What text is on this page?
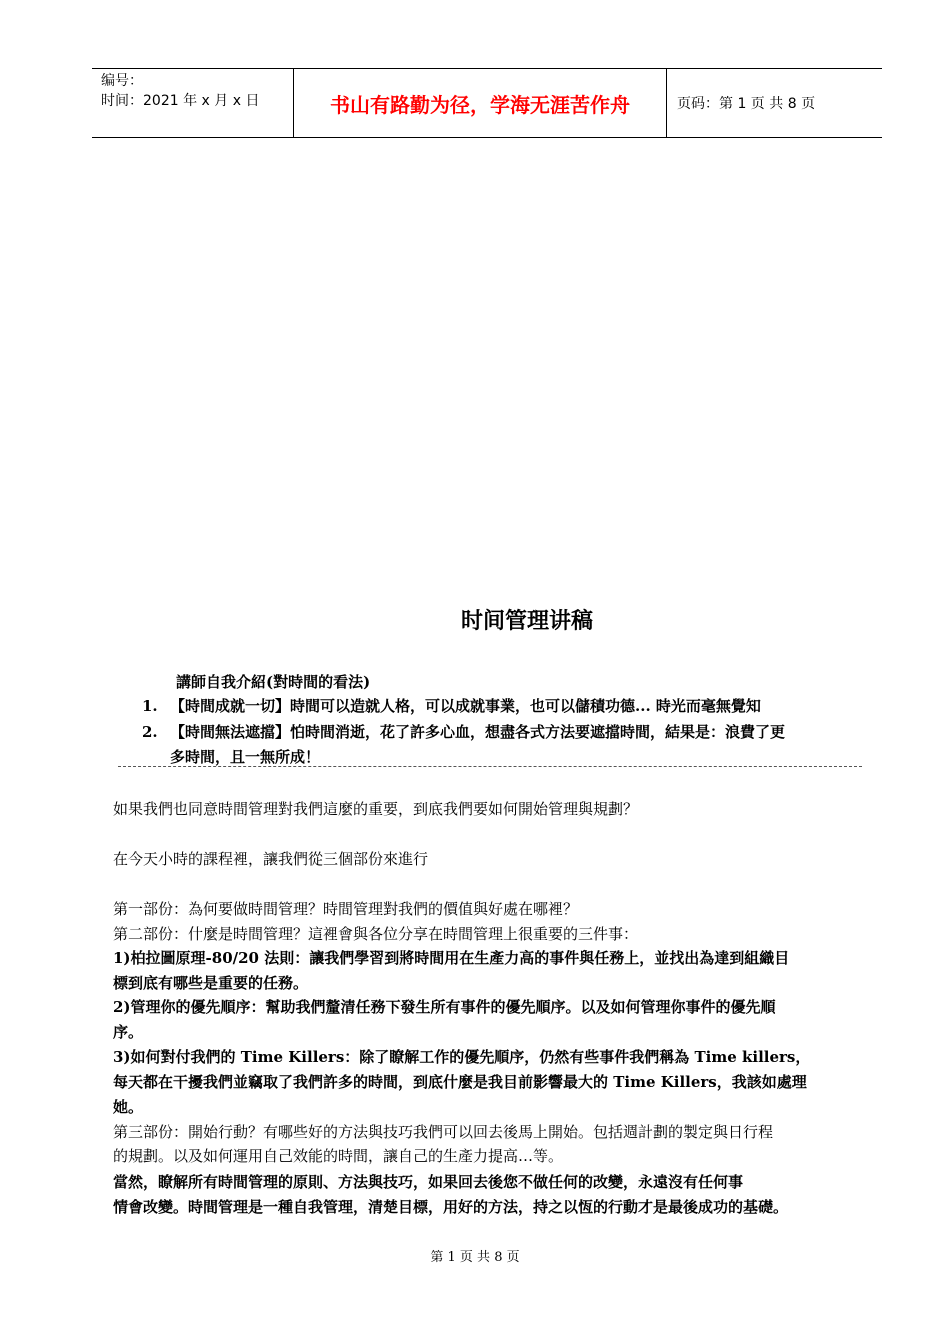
编号：
时间：2021 年 x 月 x 日	书山有路勤为径，学海无涯苦作舟	页码：第 1 页 共 8 页
时间管理讲稿
講師自我介紹(對時間的看法)
1. 【時間成就一切】時間可以造就人格，可以成就事業，也可以儲積功德... 時光而毫無覺知
2. 【時間無法遮擋】怕時間消逝，花了許多心血，想盡各式方法要遮擋時間，結果是：浪費了更
多時間，且一無所成！
如果我們也同意時間管理對我們這麼的重要，到底我們要如何開始管理與規劃？
在今天小時的課程裡，讓我們從三個部份來進行
第一部份：為何要做時間管理？時間管理對我們的價值與好處在哪裡？
第二部份：什麼是時間管理？這裡會與各位分享在時間管理上很重要的三件事：
1)柏拉圖原理-80/20 法則：讓我們學習到將時間用在生產力高的事件與任務上，並找出為達到組織目
標到底有哪些是重要的任務。
2)管理你的優先順序：幫助我們釐清任務下發生所有事件的優先順序。以及如何管理你事件的優先順
序。
3)如何對付我們的 Time Killers：除了瞭解工作的優先順序，仍然有些事件我們稱為 Time killers，
每天都在干擾我們並竊取了我們許多的時間，到底什麼是我目前影響最大的 Time Killers，我該如處理
她。
第三部份：開始行動？有哪些好的方法與技巧我們可以回去後馬上開始。包括週計劃的製定與日行程
的規劃。以及如何運用自己效能的時間，讓自己的生產力提高…等。
當然，瞭解所有時間管理的原則、方法與技巧，如果回去後您不做任何的改變，永遠沒有任何事
情會改變。時間管理是一種自我管理，清楚目標，用好的方法，持之以恆的行動才是最後成功的基礎。
第 1 页 共 8 页
